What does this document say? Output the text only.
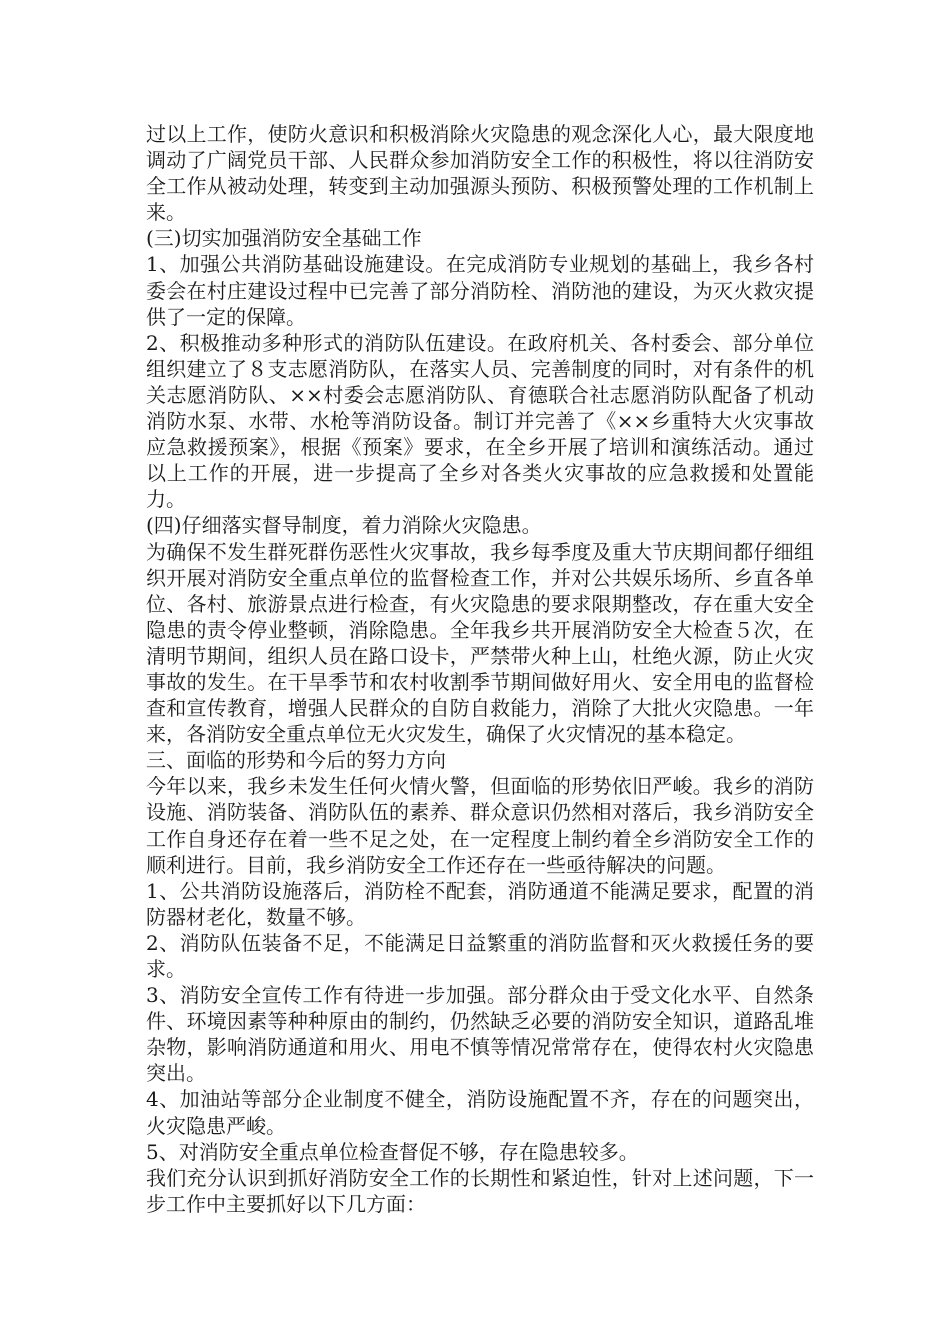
过以上工作，使防火意识和积极消除火灾隐患的观念深化人心，最大限度地调动了广阔党员干部、人民群众参加消防安全工作的积极性，将以往消防安全工作从被动处理，转变到主动加强源头预防、积极预警处理的工作机制上来。

(三)切实加强消防安全基础工作

1、加强公共消防基础设施建设。在完成消防专业规划的基础上，我乡各村委会在村庄建设过程中已完善了部分消防栓、消防池的建设，为灭火救灾提供了一定的保障。

2、积极推动多种形式的消防队伍建设。在政府机关、各村委会、部分单位组织建立了８支志愿消防队，在落实人员、完善制度的同时，对有条件的机关志愿消防队、××村委会志愿消防队、育德联合社志愿消防队配备了机动消防水泵、水带、水枪等消防设备。制订并完善了《××乡重特大火灾事故应急救援预案》，根据《预案》要求，在全乡开展了培训和演练活动。通过以上工作的开展，进一步提高了全乡对各类火灾事故的应急救援和处置能力。

(四)仔细落实督导制度，着力消除火灾隐患。

为确保不发生群死群伤恶性火灾事故，我乡每季度及重大节庆期间都仔细组织开展对消防安全重点单位的监督检查工作，并对公共娱乐场所、乡直各单位、各村、旅游景点进行检查，有火灾隐患的要求限期整改，存在重大安全隐患的责令停业整顿，消除隐患。全年我乡共开展消防安全大检查５次，在清明节期间，组织人员在路口设卡，严禁带火种上山，杜绝火源，防止火灾事故的发生。在干旱季节和农村收割季节期间做好用火、安全用电的监督检查和宣传教育，增强人民群众的自防自救能力，消除了大批火灾隐患。一年来，各消防安全重点单位无火灾发生，确保了火灾情况的基本稳定。

三、面临的形势和今后的努力方向

今年以来，我乡未发生任何火情火警，但面临的形势依旧严峻。我乡的消防设施、消防装备、消防队伍的素养、群众意识仍然相对落后，我乡消防安全工作自身还存在着一些不足之处，在一定程度上制约着全乡消防安全工作的顺利进行。目前，我乡消防安全工作还存在一些亟待解决的问题。

1、公共消防设施落后，消防栓不配套，消防通道不能满足要求，配置的消防器材老化，数量不够。

2、消防队伍装备不足，不能满足日益繁重的消防监督和灭火救援任务的要求。

3、消防安全宣传工作有待进一步加强。部分群众由于受文化水平、自然条件、环境因素等种种原由的制约，仍然缺乏必要的消防安全知识，道路乱堆杂物，影响消防通道和用火、用电不慎等情况常常存在，使得农村火灾隐患突出。

4、加油站等部分企业制度不健全，消防设施配置不齐，存在的问题突出，火灾隐患严峻。

5、对消防安全重点单位检查督促不够，存在隐患较多。

我们充分认识到抓好消防安全工作的长期性和紧迫性，针对上述问题，下一步工作中主要抓好以下几方面：
